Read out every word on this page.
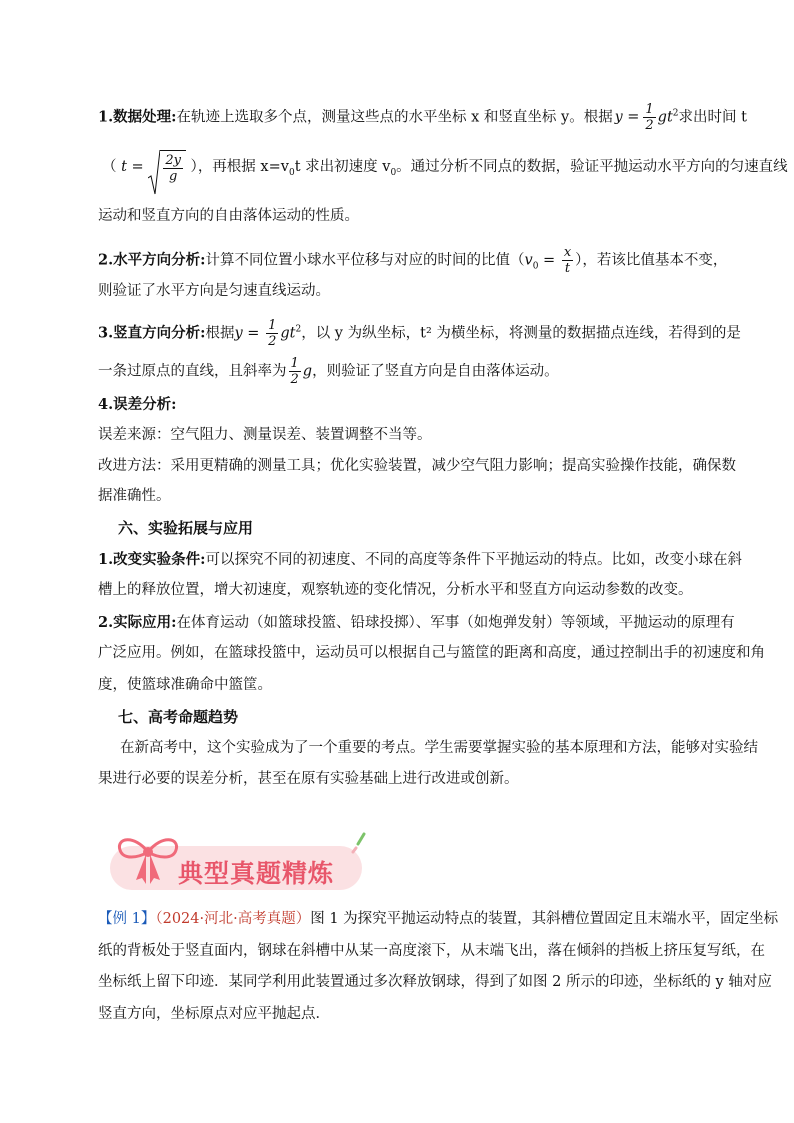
1.数据处理:在轨迹上选取多个点，测量这些点的水平坐标 x 和竖直坐标 y。根据 $y = \frac{1}{2} gt^2$求出时间 t
（ $t = \frac{2y}{g}$ ），再根据 $x=v_0t$ 求出初速度 $v_0$。通过分析不同点的数据，验证平抛运动水平方向的匀速直线
运动和竖直方向的自由落体运动的性质。
2.水平方向分析:计算不同位置小球水平位移与对应的时间的比值（$v_0 = \frac{x}{t}$ ），若该比值基本不变，
则验证了水平方向是匀速直线运动。
3.竖直方向分析:根据$y = \frac{1}{2} gt^2$，以 y 为纵坐标，t² 为横坐标，将测量的数据描点连线，若得到的是
一条过原点的直线，且斜率为 $\frac{1}{2}$ g，则验证了竖直方向是自由落体运动。
4.误差分析:
误差来源：空气阻力、测量误差、装置调整不当等。
改进方法：采用更精确的测量工具；优化实验装置，减少空气阻力影响；提高实验操作技能，确保数
据准确性。
六、实验拓展与应用
1.改变实验条件:可以探究不同的初速度、不同的高度等条件下平抛运动的特点。比如，改变小球在斜
槽上的释放位置，增大初速度，观察轨迹的变化情况，分析水平和竖直方向运动参数的改变。
2.实际应用:在体育运动（如篮球投篮、铅球投掷）、军事（如炮弹发射）等领域，平抛运动的原理有
广泛应用。例如，在篮球投篮中，运动员可以根据自己与篮筐的距离和高度，通过控制出手的初速度和角
度，使篮球准确命中篮筐。
七、高考命题趋势
在新高考中，这个实验成为了一个重要的考点。学生需要掌握实验的基本原理和方法，能够对实验结
果进行必要的误差分析，甚至在原有实验基础上进行改进或创新。
典型真题精炼
【例 1】（2024·河北·高考真题）图 1 为探究平抛运动特点的装置，其斜槽位置固定且末端水平，固定坐标
纸的背板处于竖直面内，钢球在斜槽中从某一高度滚下，从末端飞出，落在倾斜的挡板上挤压复写纸，在
坐标纸上留下印迹．某同学利用此装置通过多次释放钢球，得到了如图 2 所示的印迹，坐标纸的 y 轴对应
竖直方向，坐标原点对应平抛起点．
